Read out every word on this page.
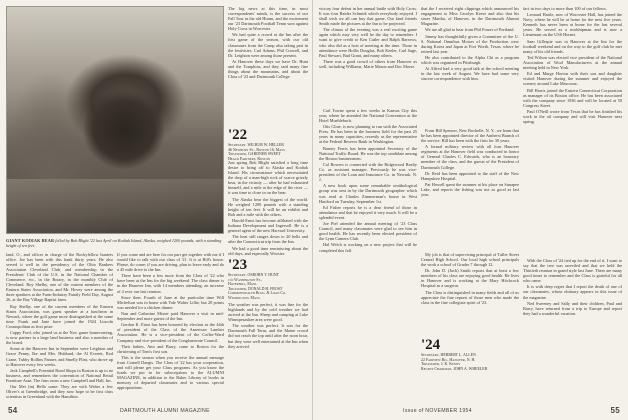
GIANT KODIAK BEAR felled by Bob Blight '22 last April on Kodiak Island, Alaska, weighed 1200 pounds, with a standing height of ten feet.

land, O., and officer in charge of the Rockyfellow hunters office. Joe has been with this bank thirty years. He also served it well in the presidency of the Ohio Bankers Association Cleveland Club, and membership in the Presidents' Club of the U.S. in the National Chamber of Commerce, etc., in the Rotary, in the monthly Club of Cleveland. Roy Shelby, one of the current members of the Eastern States Association, and Mr. Hovey were among the three speakers at the Farm-Industry Family Field Day, August 26, at the Bay Village Baptist farm.

Ray Shelby, one of the current members of the Eastern States Association, was guest speaker at a luncheon in Newark, where the golf game more distinguished at the same time. Frank and Jane have joined the 1924 Lincoln Cosmopolitan as first prize.

Cappy Ford, who joined us at the Nov. game homecoming, is now partner in a large land business and also a member of the board.

Some at the Hanover Inn in September were Leighton and Grace Penny, Ike and Mrs. Hubbard, the Al Everett, Rod Crane, Tubby Rollins Fanner, and Smelly Flint, who drove up to Hanover every few weeks.

Jack Campbell's Potential Bond Shops in Boston is up to no business, and remembers the convention of National Retail Furniture Assn. The firm owns a new Campbell and Hall, Inc.

Our Met (in) Hello some: They are with Walter a few Oliver's at Greenbridge, and they now hope to be first class scientists in Greenland with the Hamilton.

If you come and are here for our part get together with me if I would like to talk with our class of '21. It is at Bill's house. Please, do come; if you are driving, plan to leave early and do a 45 mile drive to the Inn.

There have been a few more from the Class of '22 who have been at the Inn for the big weekend. The class dinner is in the Hanover Inn, with 14 members attending, an increase of 4 over our last reunion.

Since then: Fourth of June at the particular time Will Michelson was in home with Yale Walter Lillie, but 20 points was needed for a chicken dinner.

Nan and Catherine Mixter paid Hanover a visit in mid-September and more guests of the Inn.

Gordon K. Ernst has been honored by election as the 44th of president of the Class of the American Lumber Association. He is a vice-president of the Coffin-Ward Company and vice-president of the Conglomerate Council.

Their babies, Ann and Barry, came to Boston for the christening of Tom's first son.

This is the season when you receive the annual message from Cornell Daegis. The Class of '22 has your cooperation, and will please get your Class programs. As you know the funds we put in for subscriptions to the ALUMNI MAGAZINE, in addition to the Baker Library of books in memory of departed classmates and to various special appropriations.

The big news at this time, in most correspondents' minds, is the success of our Fall Tour in the old Hiram, and the excitement our '23 Dartmouth Football Team won against Holy Cross in Worcester.

We had quite a crowd at the Inn after the first game of the season, with our old classmates from the Camp also taking part in the festivities. Carl Adams, Phil Crowell, and Dr. Leighton were among those present.

At Hanover these days we have Dr. Hunt and the Tompkins, and they said many fine things about the mountains, and about the Class of '23 and Dartmouth College.

'22
Secretary, WILBUR W. HELLER
46 Newbury St., Boston 16, Mass.
Treasurer, GARDNER SWEET
Heald Partners, Boston

Just spring Bob Blight satisfied a long time desire to bring off to Alaska and Kodiak Island. His circumstance which necessitated the drop of a man-high rock of scarce grizzly bear, in the vicinity — after he had exhausted himself, and a mile at the edge of the river — it was time to close in on the bear.

The Alaska bear the biggest of the world. He weighed 1200 pounds with a standing height of ten feet. It will be an exhibit and Bob and a mile with the others.

Harold Ernst has become affiliated with the Indiana Development and Ingersoll. He is a general agent of the new Harvard University.

The heat still ranges down to 20 bells and after the Connecticut trip from the Inn.

We had a good time reminiscing about the old days, and especially Wooster.

'23
Secretary, OSBORN T. HUNT
c/o Washington St.,
Haverhill, Mass.
Treasurer, DONALD H. FROST
Commonwealth Bldg. & Loan Co.
Wilmington, Mass.

The weather was perfect, it was fine for the highlands and by the cold weather we had arrived at the Inn. Sheep and camping at Lake Winnipesaukee area were good.

The weather was perfect. It was for the Dartmouth Fall Term, and the Maine crowd did not reach the top until after the noon hour, but they were well entertained at the Inn when they arrived.

54	DARTMOUTH ALUMNI MAGAZINE

victory four defeat in her annual battle with Holy Cross. It was four Raider Schmidt which everybody enjoyed. I shall wish we all can buy that game. Our kind friends Smith made the pictures at the Inn to be projected.

The climax of the evening was a real exciting game again which may very well be the day to remember. I want to give credit to Ken Cutler and Ralph Barrows, who also did as a host of meeting at the time. Those in attendance were Hollis Douglas, Bob Keeler, Carl Sage, Paul Stewart, Bud Grant, and many others.

There was a good crowd of others from Hanover as well, including Williams, Marie Mason and Doc Morse.

Carl Towne spent a few weeks in Kansas City this year, where he attended the National Convention at the Hotel Muehlebach.

Otis Cline, is now planning to run with the Associated Press. He has been in the business field for the past 25 years in many capacities, recently as the representative at the Federal Reserve Bank in Washington.

Barney Ferris has been appointed Secretary of the National Traffic Board. He was the top candidate among the Boston businessmen.

Cal Bowers is connected with the Ridgewood Realty Co. as assistant manager. Previously he was vice-president of the Loan and Insurance Co. in Newark, N. J.

A new book upon some remarkable ornithological group was sent in by the Dartmouth geographer which was read at Charles Zimmerman's house in West Hartford on Tuesday, September 1st.

Ed Fisher reports he is a dear friend of those in attendance and that he enjoyed it very much. It will be a splendid event.

Joe Piel attended the annual meeting of '23 Class Council, and many classmates were glad to see him in good health. He has recently been elected president of the Lynn Camera Club.

Hal Welch is working on a new project that will be completed this fall.

that the I received eight clippings which announced his engagement to Miss Carolyn Keese and also that his sister Martha, of Hanover, in the Dartmouth Alumni Magazine.

We are all glad to hear from Phil Frazer of Portland.

Jimmy has thoughtfully given a Committee of the U. S. National Omnibus Motors of the Production crew during Korea and Japan at Fort Worth, Texas, where he retired last year.

He also contributed to the Alpha Chi as a program which was organized in Pittsburgh.

At Alfred had a very good talk at the school meeting in the last week of August. We have had some very sincere correspondence with him.

From Bill Spencer, New Rochelle, N. Y., we learn that he has been appointed director of the Amherst Branch of the service. Bill has been with the firm for 30 years.

A formal military review with all four Hanover regiments at the Hanover field was conducted in honor of General Charles C. Edwards, who is an honorary member of the class, and the guests of the President of Dartmouth College.

Dr. Reid has been appointed to the staff of the New Hampshire Hospital.

Pat Howell spent the summer at his place on Sunapee Lake, and reports the fishing was not as good as last year.

My job is that of supervising principal of Tuller Street Central High School. Our local high school principals the work a school of Grades 7 through 12.

Dr. John D. (Jack) Smith reports that at least a few members of his class are enjoying good health. He lives in Hanover and is working at the Mary Hitchcock Hospital as a surgeon.

The Class is distinguished in many fields and all of us appreciate the fine reports of those men who made the class in the fine collegiate spirit of '23.

'24
Secretary, HERBERT L. ALLEN
22 Fairview Rd., Hanover, N. H.
Treasurer, J. K. Kenny
Regent Chairman, JOHN A. WHEELER

fact in two days to more than 100 of our fellows.

Leonard Hartle, now of Worcester Hall, has joined the Navy, where he will be at home for the next five years. Kenneth has never been at home for the last several years. He served as a midshipman and is now a Lieutenant on the USS Hornet.

Sam Gillespie was in Hanover at the Inn for the football weekend and on the way to the golf club he met many of his old friends.

Ted Wilson was elected vice president of the National Association of Wool Manufacturers at the annual meeting held in New York.

Ed and Marge Horton with their son and daughter visited Hanover during the summer and enjoyed the scenery around Lake Mascoma.

Bill Harris joined the Eastern Connecticut Corporation as manager of its Boston office. He has been associated with the company since 1936 and will be located at 50 Congress Street.

Paul O'Neill wrote from Texas that he has finished his work in the oil company and will visit Hanover next spring.

With the Class of '24 tied up for the end of it, I want to say that the tree was unveiled and that we held the Thirtieth reunion in grand style last June. There are many good times to remember and the Class is grateful for all who came.

It is with deep regret that I report the death of one of our classmates, whose obituary appears in this issue of the magazine.

Ned Sweeney and Sally and their children, Paul and Barry, have returned from a trip to Europe and report they had a wonderful vacation.

Issue of NOVEMBER 1954	55
